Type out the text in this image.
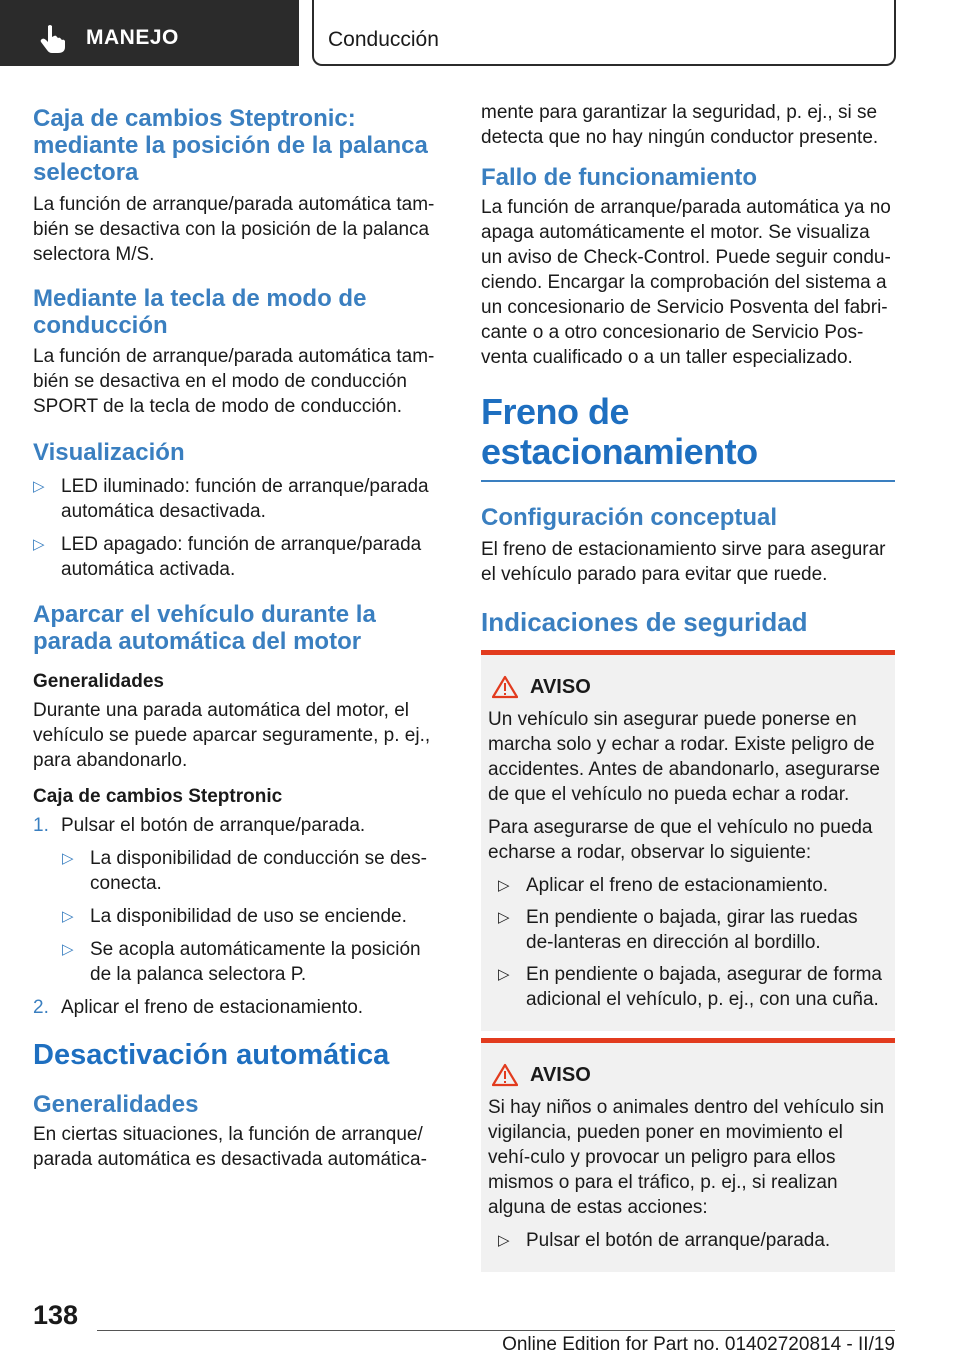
MANEJO	Conducción
Caja de cambios Steptronic: mediante la posición de la palanca selectora
La función de arranque/parada automática tam-bién se desactiva con la posición de la palanca selectora M/S.
Mediante la tecla de modo de conducción
La función de arranque/parada automática tam-bién se desactiva en el modo de conducción SPORT de la tecla de modo de conducción.
Visualización
▷ LED iluminado: función de arranque/parada automática desactivada.
▷ LED apagado: función de arranque/parada automática activada.
Aparcar el vehículo durante la parada automática del motor
Generalidades
Durante una parada automática del motor, el vehículo se puede aparcar seguramente, p. ej., para abandonarlo.
Caja de cambios Steptronic
1. Pulsar el botón de arranque/parada.
▷ La disponibilidad de conducción se des-conecta.
▷ La disponibilidad de uso se enciende.
▷ Se acopla automáticamente la posición de la palanca selectora P.
2. Aplicar el freno de estacionamiento.
Desactivación automática
Generalidades
En ciertas situaciones, la función de arranque/ parada automática es desactivada automática-
mente para garantizar la seguridad, p. ej., si se detecta que no hay ningún conductor presente.
Fallo de funcionamiento
La función de arranque/parada automática ya no apaga automáticamente el motor. Se visualiza un aviso de Check-Control. Puede seguir condu-ciendo. Encargar la comprobación del sistema a un concesionario de Servicio Posventa del fabri-cante o a otro concesionario de Servicio Pos-venta cualificado o a un taller especializado.
Freno de estacionamiento
Configuración conceptual
El freno de estacionamiento sirve para asegurar el vehículo parado para evitar que ruede.
Indicaciones de seguridad
AVISO
Un vehículo sin asegurar puede ponerse en marcha solo y echar a rodar. Existe peligro de accidentes. Antes de abandonarlo, asegurarse de que el vehículo no pueda echar a rodar.
Para asegurarse de que el vehículo no pueda echarse a rodar, observar lo siguiente:
▷ Aplicar el freno de estacionamiento.
▷ En pendiente o bajada, girar las ruedas de-lanteras en dirección al bordillo.
▷ En pendiente o bajada, asegurar de forma adicional el vehículo, p. ej., con una cuña.
AVISO
Si hay niños o animales dentro del vehículo sin vigilancia, pueden poner en movimiento el vehí-culo y provocar un peligro para ellos mismos o para el tráfico, p. ej., si realizan alguna de estas acciones:
▷ Pulsar el botón de arranque/parada.
138
Online Edition for Part no. 01402720814 - II/19
